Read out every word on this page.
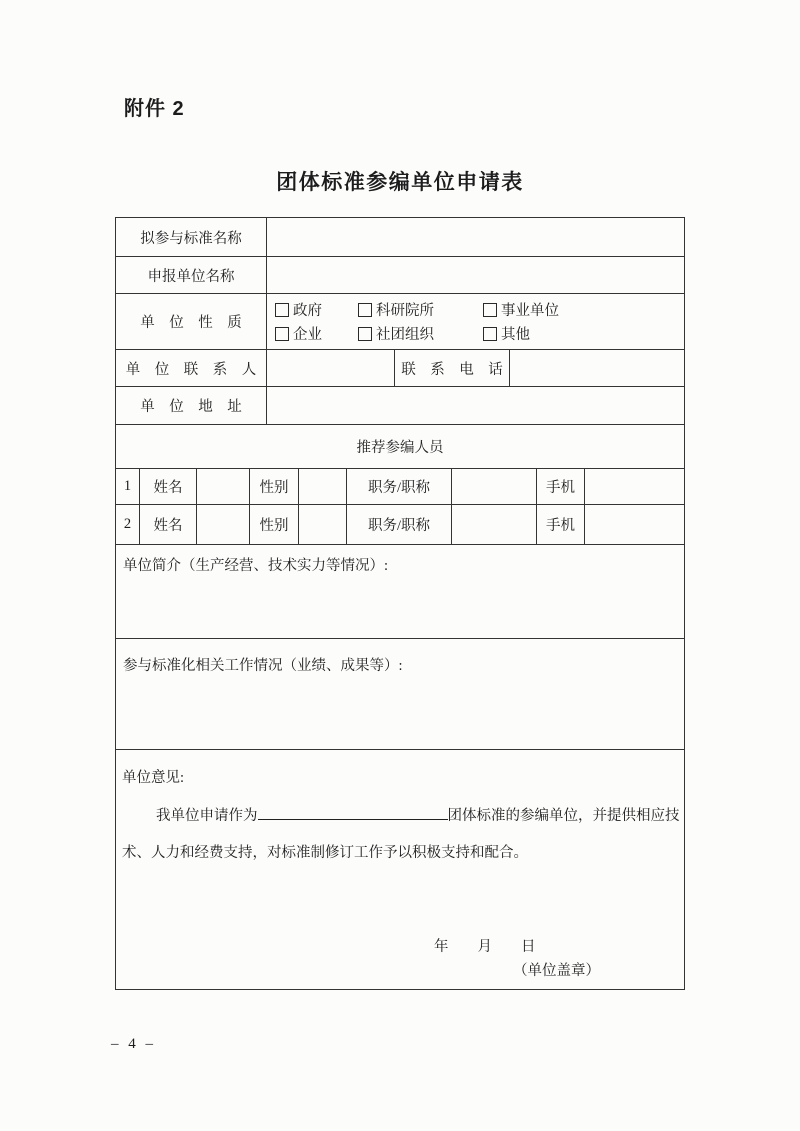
附件 2
团体标准参编单位申请表
拟参与标准名称
申报单位名称
单　位　性　质
政府	科研院所	事业单位
企业	社团组织	其他
单　位　联　系　人	联　系　电　话
单　位　地　址
推荐参编人员
1	姓名	性别	职务/职称	手机
2	姓名	性别	职务/职称	手机
单位简介（生产经营、技术实力等情况）:
参与标准化相关工作情况（业绩、成果等）:
单位意见:
我单位申请作为	团体标准的参编单位，并提供相应技
术、人力和经费支持，对标准制修订工作予以积极支持和配合。
年　　月　　日
（单位盖章）
– 4 –
